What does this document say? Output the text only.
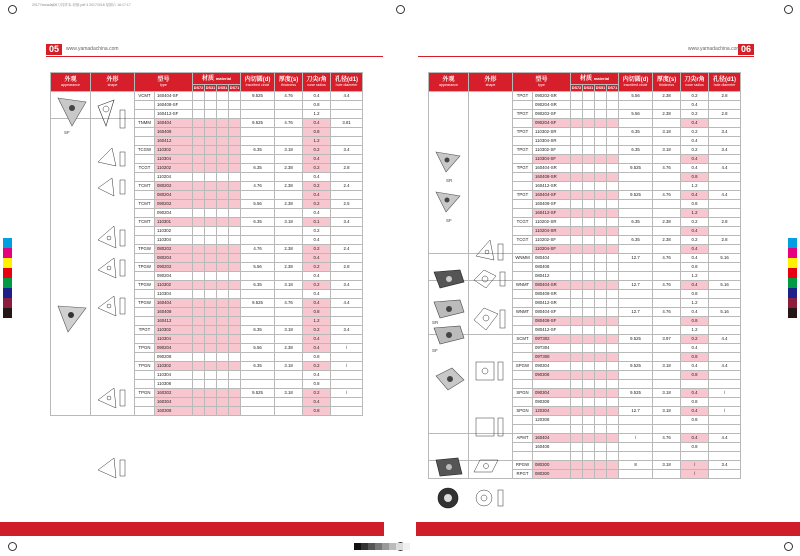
2017Yamadaj06刀具样本-切削.pdf 4 2017/3/18 星期六 16:17:17
05	www.yamadachina.com	06
www.yamadachina.com
外观
appearance	外形
shape	型号
type		材质 material				内切圆(d)
inscribed circle	厚度(s)
thickness	刀尖r角
nose radius	孔径(d1)
hole diameter

				DS72	DS31	DS51	DS71				
		VCMT	160404-SF					9.525	4.76	0.4	4.4
			160408-SF							0.8	
			160412-SF							1.2	
		TNMM	160404					9.525	4.76	0.4	3.81
			160408							0.8	
			160412							1.2	
		TCGW	110302					6.35	3.18	0.2	3.4
			110304							0.4	
		TCGT	110202					6.35	2.38	0.2	2.8
			110204							0.4	
		TCMT	080202					4.76	2.38	0.2	2.4
			080204							0.4	
		TCMT	090202					5.56	2.38	0.2	2.5
			090204							0.4	
		TCMT	110301					6.35	3.18	0.1	3.4
			110302							0.2	
			110304							0.4	
		TPGW	080202					4.76	2.38	0.2	2.4
			080204							0.4	
		TPGW	090202					5.56	2.38	0.2	2.8
			090204							0.4	
		TPGW	110302					6.35	3.18	0.2	3.4
			110304							0.4	
		TPGW	160404					9.525	4.76	0.4	4.4
			160408							0.8	
			160412							1.2	
		TPGT	110302					6.35	3.18	0.2	3.4
			110304							0.4	
		TPGN	090204					5.56	2.38	0.4	/
			090208							0.8	
		TPGN	110302					6.35	3.18	0.2	/
			110304							0.4	
			110308							0.8	
		TPGN	160302					9.525	3.18	0.2	/
			160304							0.4	
			160308							0.8	
外观
appearance	外形
shape	型号
type		材质 material				内切圆(d)
inscribed circle	厚度(s)
thickness	刀尖r角
nose radius	孔径(d1)
hole diameter

				DS72	DS31	DS51	DS71				
		TPGT	090202-SR					5.56	2.38	0.2	2.8
			090204-SR							0.4	
		TPGT	090202-SF					5.56	2.38	0.2	2.8
			090204-SF							0.4	
		TPGT	110302-SR					6.35	3.18	0.2	3.4
			110304-SR							0.4	
		TPGT	110302-SF					6.35	3.18	0.2	3.4
			110304-SF							0.4	
		TPGT	160404-SR					9.525	4.76	0.4	4.4
			160408-SR							0.8	
			160412-SR							1.2	
		TPGT	160404-SF					9.525	4.76	0.4	4.4
			160408-SF							0.8	
			160412-SF							1.2	
		TCGT	110202-SR					6.35	2.38	0.2	2.8
			110204-SR							0.4	
		TCGT	110202-SF					6.35	2.38	0.2	2.8
			110204-SF							0.4	
		WNMM	080404					12.7	4.76	0.4	5.16
			080408							0.8	
			080412							1.2	
		WNMT	080404-SR					12.7	4.76	0.4	5.16
			080408-SR							0.8	
			080412-SR							1.2	
		WNMT	080404-SF					12.7	4.76	0.4	5.16
			080408-SF							0.8	
			080412-SF							1.2	
		SCMT	09T302					9.525	3.97	0.2	4.4
			09T304							0.4	
			09T308							0.8	
		SPGW	090304					9.525	3.18	0.4	4.4
			090308							0.8	

		SPGN	090304					9.525	3.18	0.4	/
			090308							0.8	
		SPGN	120304					12.7	3.18	0.4	/
			120308							0.8	

		APMT	160404					/	4.76	0.4	4.4
			160408							0.8	

		RPGW	080300					8	3.18	/	3.4
		RPGT	080300							/	
SF
SR
SF
SR
SF
